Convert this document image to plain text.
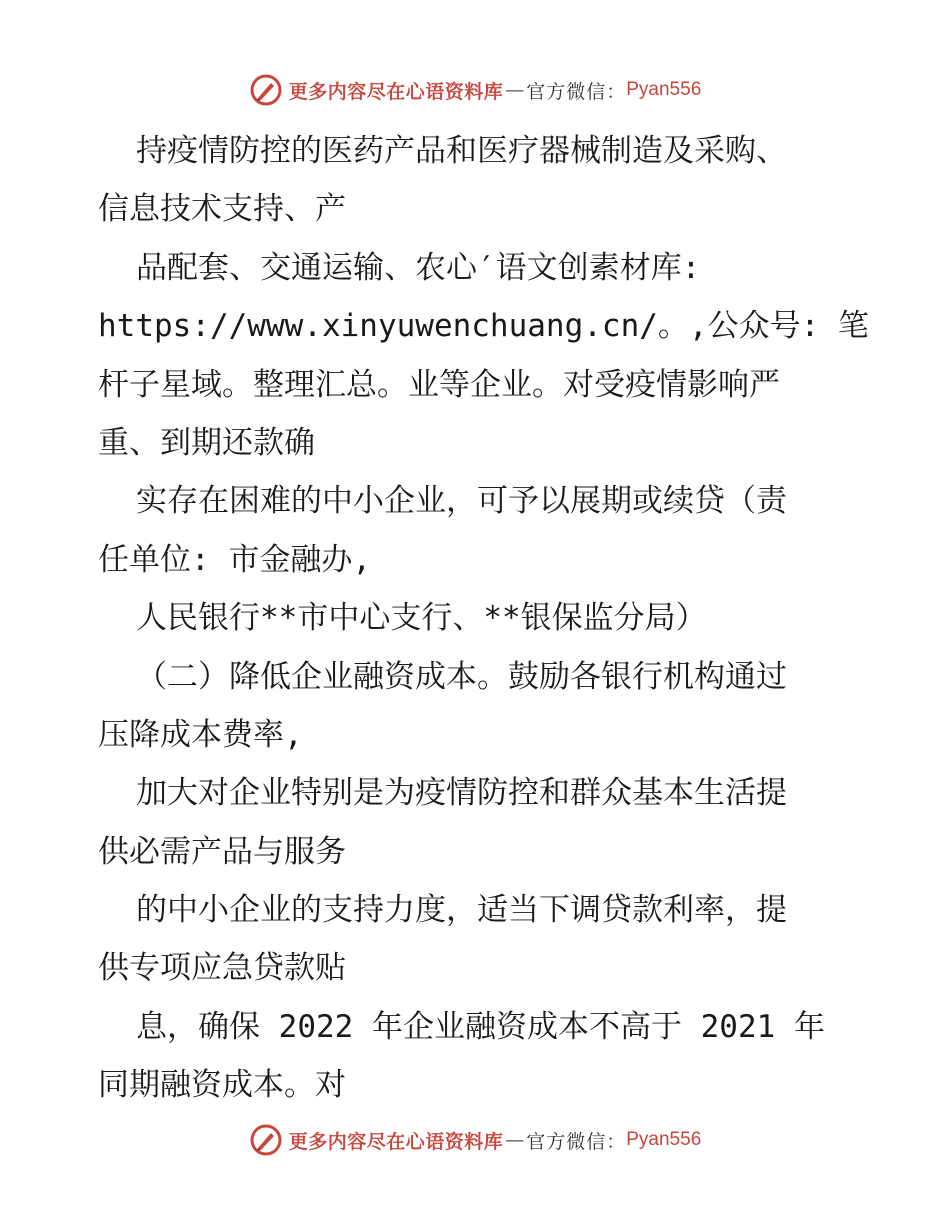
更多内容尽在心语资料库 — 官方微信： Pyan556
持疫情防控的医药产品和医疗器械制造及采购、
信息技术支持、产
品配套、交通运输、农心′语文创素材库:
https://www.xinyuwenchuang.cn/。,公众号: 笔
杆子星域。整理汇总。业等企业。对受疫情影响严
重、到期还款确
实存在困难的中小企业，可予以展期或续贷（责
任单位: 市金融办,
人民银行**市中心支行、**银保监分局）
（二）降低企业融资成本。鼓励各银行机构通过
压降成本费率,
加大对企业特别是为疫情防控和群众基本生活提
供必需产品与服务
的中小企业的支持力度，适当下调贷款利率，提
供专项应急贷款贴
息，确保 2022 年企业融资成本不高于 2021 年
同期融资成本。对
更多内容尽在心语资料库 — 官方微信： Pyan556
